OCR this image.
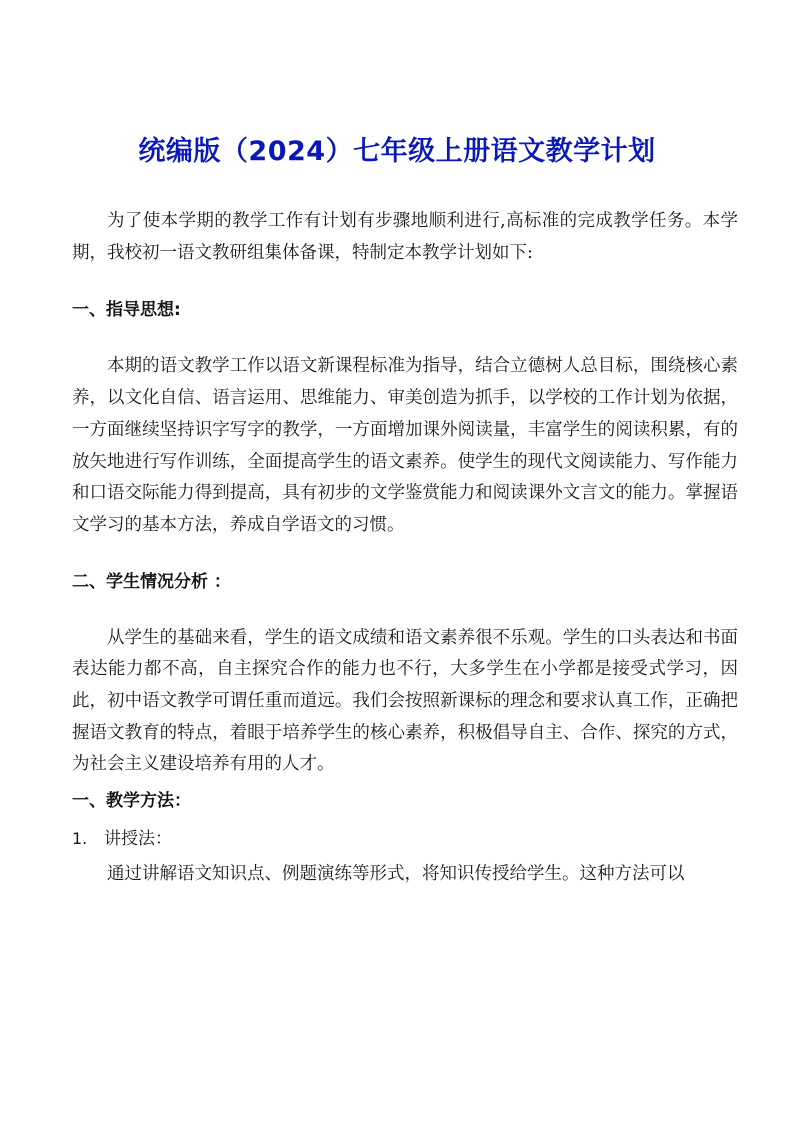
统编版（2024）七年级上册语文教学计划

为了使本学期的教学工作有计划有步骤地顺利进行,高标准的完成教学任务。本学期，我校初一语文教研组集体备课，特制定本教学计划如下:

一、指导思想:

本期的语文教学工作以语文新课程标准为指导，结合立德树人总目标，围绕核心素养，以文化自信、语言运用、思维能力、审美创造为抓手，以学校的工作计划为依据，一方面继续坚持识字写字的教学，一方面增加课外阅读量，丰富学生的阅读积累，有的放矢地进行写作训练，全面提高学生的语文素养。使学生的现代文阅读能力、写作能力和口语交际能力得到提高，具有初步的文学鉴赏能力和阅读课外文言文的能力。掌握语文学习的基本方法，养成自学语文的习惯。

二、学生情况分析 ：

从学生的基础来看，学生的语文成绩和语文素养很不乐观。学生的口头表达和书面表达能力都不高，自主探究合作的能力也不行，大多学生在小学都是接受式学习，因此，初中语文教学可谓任重而道远。我们会按照新课标的理念和要求认真工作，正确把握语文教育的特点，着眼于培养学生的核心素养，积极倡导自主、合作、探究的方式，为社会主义建设培养有用的人才。

一、教学方法：
1. 讲授法：

通过讲解语文知识点、例题演练等形式，将知识传授给学生。这种方法可以
